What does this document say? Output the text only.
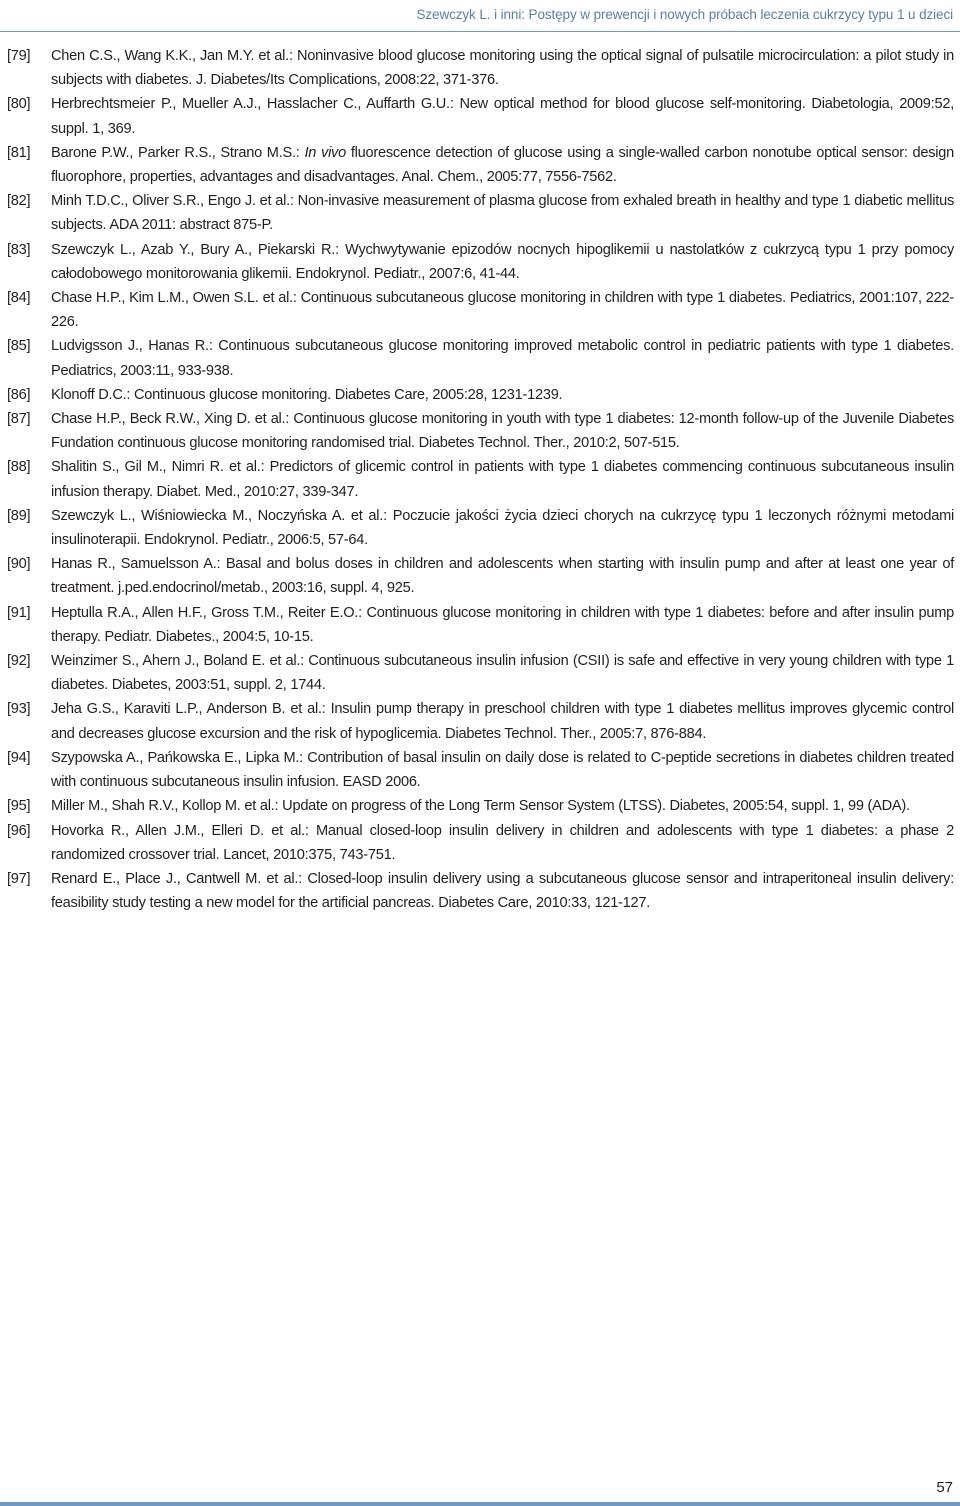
Szewczyk L. i inni: Postępy w prewencji i nowych próbach leczenia cukrzycy typu 1 u dzieci
[79] Chen C.S., Wang K.K., Jan M.Y. et al.: Noninvasive blood glucose monitoring using the optical signal of pulsatile microcirculation: a pilot study in subjects with diabetes. J. Diabetes/Its Complications, 2008:22, 371-376.
[80] Herbrechtsmeier P., Mueller A.J., Hasslacher C., Auffarth G.U.: New optical method for blood glucose self-monitoring. Diabetologia, 2009:52, suppl. 1, 369.
[81] Barone P.W., Parker R.S., Strano M.S.: In vivo fluorescence detection of glucose using a single-walled carbon nonotube optical sensor: design fluorophore, properties, advantages and disadvantages. Anal. Chem., 2005:77, 7556-7562.
[82] Minh T.D.C., Oliver S.R., Engo J. et al.: Non-invasive measurement of plasma glucose from exhaled breath in healthy and type 1 diabetic mellitus subjects. ADA 2011: abstract 875-P.
[83] Szewczyk L., Azab Y., Bury A., Piekarski R.: Wychwytywanie epizodów nocnych hipoglikemii u nastolatków z cukrzycą typu 1 przy pomocy całodobowego monitorowania glikemii. Endokrynol. Pediatr., 2007:6, 41-44.
[84] Chase H.P., Kim L.M., Owen S.L. et al.: Continuous subcutaneous glucose monitoring in children with type 1 diabetes. Pediatrics, 2001:107, 222-226.
[85] Ludvigsson J., Hanas R.: Continuous subcutaneous glucose monitoring improved metabolic control in pediatric patients with type 1 diabetes. Pediatrics, 2003:11, 933-938.
[86] Klonoff D.C.: Continuous glucose monitoring. Diabetes Care, 2005:28, 1231-1239.
[87] Chase H.P., Beck R.W., Xing D. et al.: Continuous glucose monitoring in youth with type 1 diabetes: 12-month follow-up of the Juvenile Diabetes Fundation continuous glucose monitoring randomised trial. Diabetes Technol. Ther., 2010:2, 507-515.
[88] Shalitin S., Gil M., Nimri R. et al.: Predictors of glicemic control in patients with type 1 diabetes commencing continuous subcutaneous insulin infusion therapy. Diabet. Med., 2010:27, 339-347.
[89] Szewczyk L., Wiśniowiecka M., Noczyńska A. et al.: Poczucie jakości życia dzieci chorych na cukrzycę typu 1 leczonych różnymi metodami insulinoterapii. Endokrynol. Pediatr., 2006:5, 57-64.
[90] Hanas R., Samuelsson A.: Basal and bolus doses in children and adolescents when starting with insulin pump and after at least one year of treatment. j.ped.endocrinol/metab., 2003:16, suppl. 4, 925.
[91] Heptulla R.A., Allen H.F., Gross T.M., Reiter E.O.: Continuous glucose monitoring in children with type 1 diabetes: before and after insulin pump therapy. Pediatr. Diabetes., 2004:5, 10-15.
[92] Weinzimer S., Ahern J., Boland E. et al.: Continuous subcutaneous insulin infusion (CSII) is safe and effective in very young children with type 1 diabetes. Diabetes, 2003:51, suppl. 2, 1744.
[93] Jeha G.S., Karaviti L.P., Anderson B. et al.: Insulin pump therapy in preschool children with type 1 diabetes mellitus improves glycemic control and decreases glucose excursion and the risk of hypoglicemia. Diabetes Technol. Ther., 2005:7, 876-884.
[94] Szypowska A., Pańkowska E., Lipka M.: Contribution of basal insulin on daily dose is related to C-peptide secretions in diabetes children treated with continuous subcutaneous insulin infusion. EASD 2006.
[95] Miller M., Shah R.V., Kollop M. et al.: Update on progress of the Long Term Sensor System (LTSS). Diabetes, 2005:54, suppl. 1, 99 (ADA).
[96] Hovorka R., Allen J.M., Elleri D. et al.: Manual closed-loop insulin delivery in children and adolescents with type 1 diabetes: a phase 2 randomized crossover trial. Lancet, 2010:375, 743-751.
[97] Renard E., Place J., Cantwell M. et al.: Closed-loop insulin delivery using a subcutaneous glucose sensor and intraperitoneal insulin delivery: feasibility study testing a new model for the artificial pancreas. Diabetes Care, 2010:33, 121-127.
57
